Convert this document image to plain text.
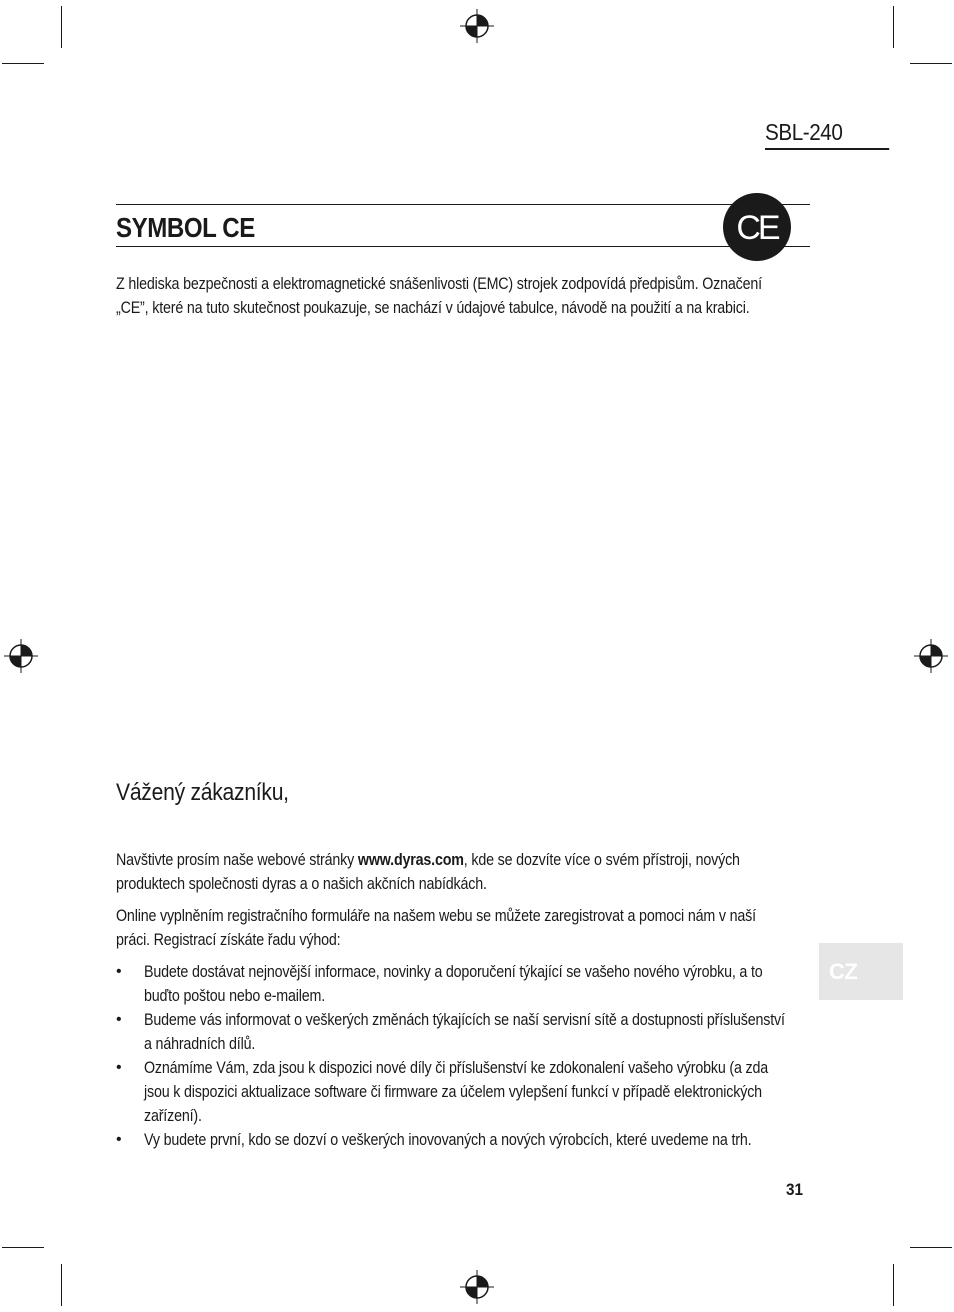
SBL-240
SYMBOL CE	CE

Z hlediska bezpečnosti a elektromagnetické snášenlivosti (EMC) strojek zodpovídá předpisům. Označení „CE”, které na tuto skutečnost poukazuje, se nachází v údajové tabulce, návodě na použití a na krabici.

Vážený zákazníku,

Navštivte prosím naše webové stránky www.dyras.com, kde se dozvíte více o svém přístroji, nových produktech společnosti dyras a o našich akčních nabídkách.

Online vyplněním registračního formuláře na našem webu se můžete zaregistrovat a pomoci nám v naší práci. Registrací získáte řadu výhod:

• Budete dostávat nejnovější informace, novinky a doporučení týkající se vašeho nového výrobku, a to buďto poštou nebo e-mailem.
• Budeme vás informovat o veškerých změnách týkajících se naší servisní sítě a dostupnosti příslušenství a náhradních dílů.
• Oznámíme Vám, zda jsou k dispozici nové díly či příslušenství ke zdokonalení vašeho výrobku (a zda jsou k dispozici aktualizace software či firmware za účelem vylepšení funkcí v případě elektronických zařízení).
• Vy budete první, kdo se dozví o veškerých inovovaných a nových výrobcích, které uvedeme na trh.
CZ
31
